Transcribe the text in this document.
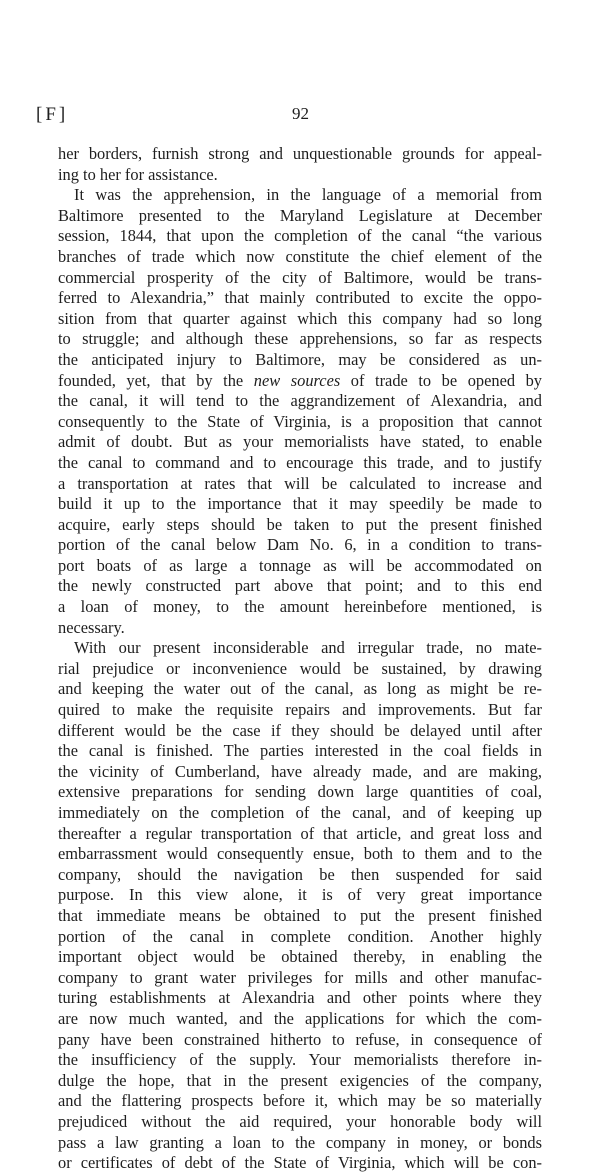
[F]	92
her borders, furnish strong and unquestionable grounds for appeal-
ing to her for assistance.
It was the apprehension, in the language of a memorial from
Baltimore presented to the Maryland Legislature at December
session, 1844, that upon the completion of the canal “the various
branches of trade which now constitute the chief element of the
commercial prosperity of the city of Baltimore, would be trans-
ferred to Alexandria,” that mainly contributed to excite the oppo-
sition from that quarter against which this company had so long
to struggle; and although these apprehensions, so far as respects
the anticipated injury to Baltimore, may be considered as un-
founded, yet, that by the new sources of trade to be opened by
the canal, it will tend to the aggrandizement of Alexandria, and
consequently to the State of Virginia, is a proposition that cannot
admit of doubt. But as your memorialists have stated, to enable
the canal to command and to encourage this trade, and to justify
a transportation at rates that will be calculated to increase and
build it up to the importance that it may speedily be made to
acquire, early steps should be taken to put the present finished
portion of the canal below Dam No. 6, in a condition to trans-
port boats of as large a tonnage as will be accommodated on
the newly constructed part above that point; and to this end
a loan of money, to the amount hereinbefore mentioned, is
necessary.
With our present inconsiderable and irregular trade, no mate-
rial prejudice or inconvenience would be sustained, by drawing
and keeping the water out of the canal, as long as might be re-
quired to make the requisite repairs and improvements. But far
different would be the case if they should be delayed until after
the canal is finished. The parties interested in the coal fields in
the vicinity of Cumberland, have already made, and are making,
extensive preparations for sending down large quantities of coal,
immediately on the completion of the canal, and of keeping up
thereafter a regular transportation of that article, and great loss and
embarrassment would consequently ensue, both to them and to the
company, should the navigation be then suspended for said
purpose. In this view alone, it is of very great importance
that immediate means be obtained to put the present finished
portion of the canal in complete condition. Another highly
important object would be obtained thereby, in enabling the
company to grant water privileges for mills and other manufac-
turing establishments at Alexandria and other points where they
are now much wanted, and the applications for which the com-
pany have been constrained hitherto to refuse, in consequence of
the insufficiency of the supply. Your memorialists therefore in-
dulge the hope, that in the present exigencies of the company,
and the flattering prospects before it, which may be so materially
prejudiced without the aid required, your honorable body will
pass a law granting a loan to the company in money, or bonds
or certificates of debt of the State of Virginia, which will be con-
